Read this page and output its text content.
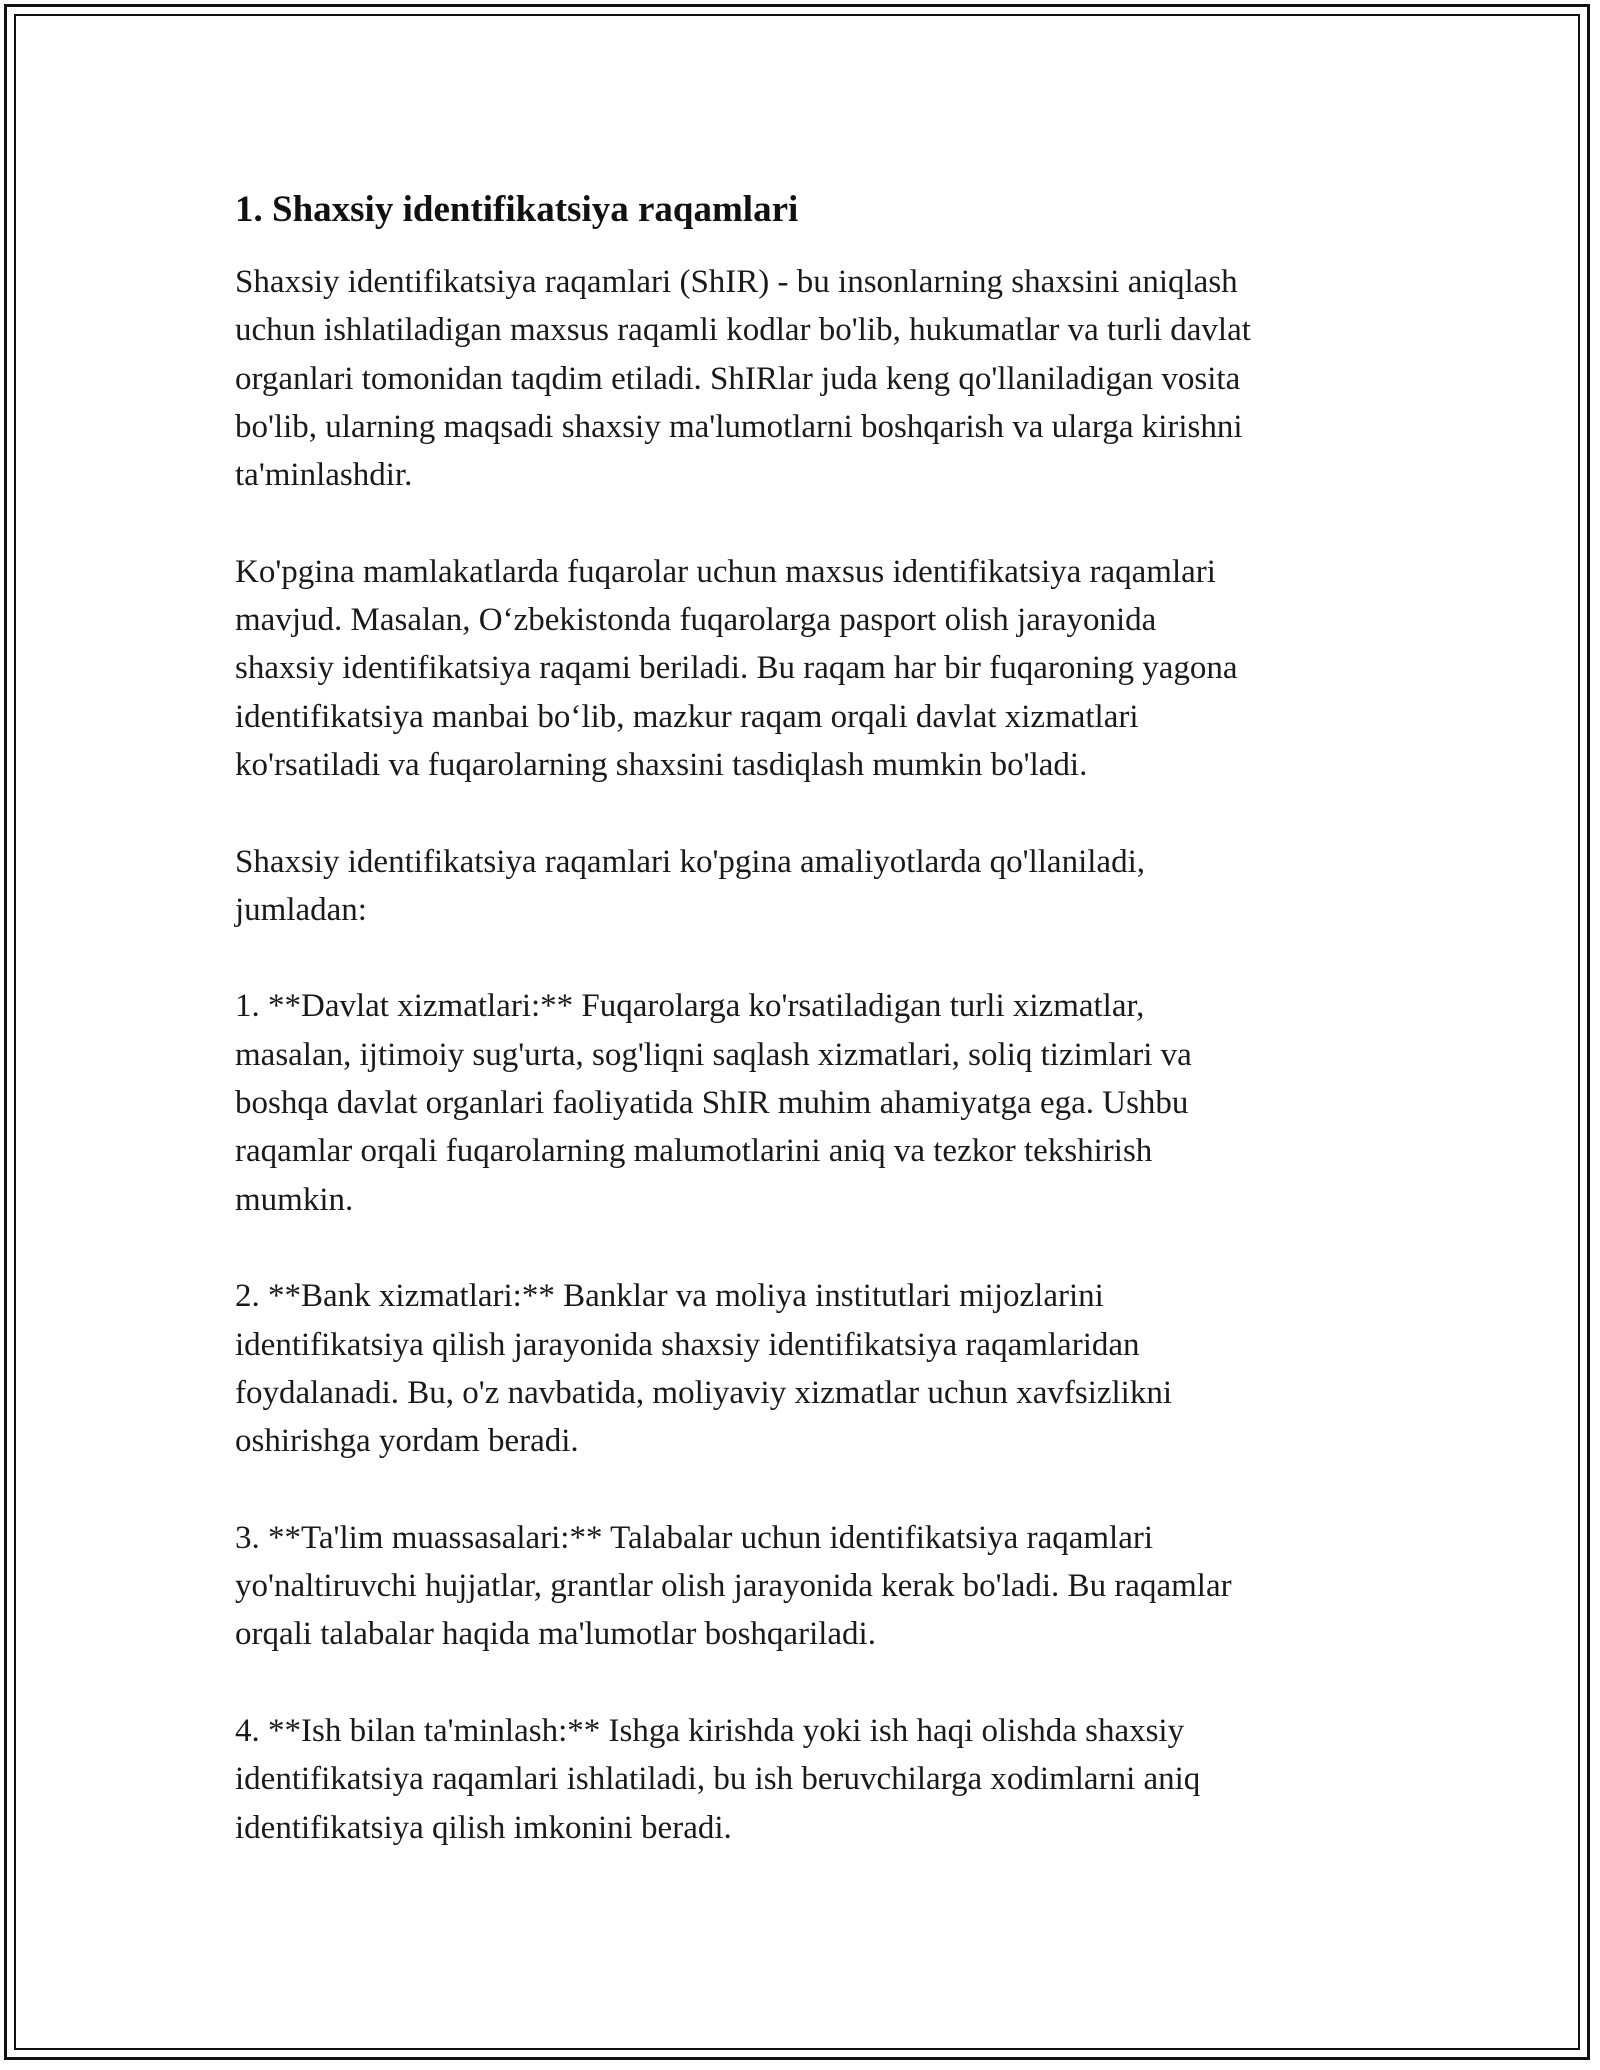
1. Shaxsiy identifikatsiya raqamlari

Shaxsiy identifikatsiya raqamlari (ShIR) - bu insonlarning shaxsini aniqlash
uchun ishlatiladigan maxsus raqamli kodlar bo'lib, hukumatlar va turli davlat
organlari tomonidan taqdim etiladi. ShIRlar juda keng qo'llaniladigan vosita
bo'lib, ularning maqsadi shaxsiy ma'lumotlarni boshqarish va ularga kirishni
ta'minlashdir.

Ko'pgina mamlakatlarda fuqarolar uchun maxsus identifikatsiya raqamlari
mavjud. Masalan, O‘zbekistonda fuqarolarga pasport olish jarayonida
shaxsiy identifikatsiya raqami beriladi. Bu raqam har bir fuqaroning yagona
identifikatsiya manbai bo‘lib, mazkur raqam orqali davlat xizmatlari
ko'rsatiladi va fuqarolarning shaxsini tasdiqlash mumkin bo'ladi.

Shaxsiy identifikatsiya raqamlari ko'pgina amaliyotlarda qo'llaniladi,
jumladan:

1. **Davlat xizmatlari:** Fuqarolarga ko'rsatiladigan turli xizmatlar,
masalan, ijtimoiy sug'urta, sog'liqni saqlash xizmatlari, soliq tizimlari va
boshqa davlat organlari faoliyatida ShIR muhim ahamiyatga ega. Ushbu
raqamlar orqali fuqarolarning malumotlarini aniq va tezkor tekshirish
mumkin.

2. **Bank xizmatlari:** Banklar va moliya institutlari mijozlarini
identifikatsiya qilish jarayonida shaxsiy identifikatsiya raqamlaridan
foydalanadi. Bu, o'z navbatida, moliyaviy xizmatlar uchun xavfsizlikni
oshirishga yordam beradi.

3. **Ta'lim muassasalari:** Talabalar uchun identifikatsiya raqamlari
yo'naltiruvchi hujjatlar, grantlar olish jarayonida kerak bo'ladi. Bu raqamlar
orqali talabalar haqida ma'lumotlar boshqariladi.

4. **Ish bilan ta'minlash:** Ishga kirishda yoki ish haqi olishda shaxsiy
identifikatsiya raqamlari ishlatiladi, bu ish beruvchilarga xodimlarni aniq
identifikatsiya qilish imkonini beradi.
